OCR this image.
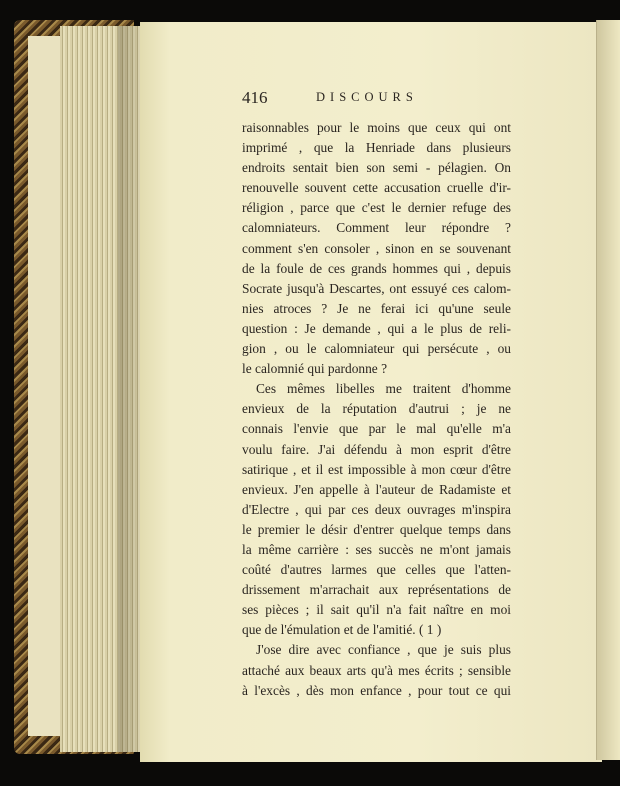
416	DISCOURS
raisonnables pour le moins que ceux qui ont
imprimé , que la Henriade dans plusieurs
endroits sentait bien son semi - pélagien. On
renouvelle souvent cette accusation cruelle d'ir-
réligion , parce que c'est le dernier refuge des
calomniateurs. Comment leur répondre ?
comment s'en consoler , sinon en se souvenant
de la foule de ces grands hommes qui , depuis
Socrate jusqu'à Descartes, ont essuyé ces calom-
nies atroces ? Je ne ferai ici qu'une seule
question : Je demande , qui a le plus de reli-
gion , ou le calomniateur qui persécute , ou
le calomnié qui pardonne ?
Ces mêmes libelles me traitent d'homme
envieux de la réputation d'autrui ; je ne
connais l'envie que par le mal qu'elle m'a
voulu faire. J'ai défendu à mon esprit d'être
satirique , et il est impossible à mon cœur d'être
envieux. J'en appelle à l'auteur de Radamiste et
d'Electre , qui par ces deux ouvrages m'inspira
le premier le désir d'entrer quelque temps dans
la même carrière : ses succès ne m'ont jamais
coûté d'autres larmes que celles que l'atten-
drissement m'arrachait aux représentations de
ses pièces ; il sait qu'il n'a fait naître en moi
que de l'émulation et de l'amitié. ( 1 )
J'ose dire avec confiance , que je suis plus
attaché aux beaux arts qu'à mes écrits ; sensible
à l'excès , dès mon enfance , pour tout ce qui
